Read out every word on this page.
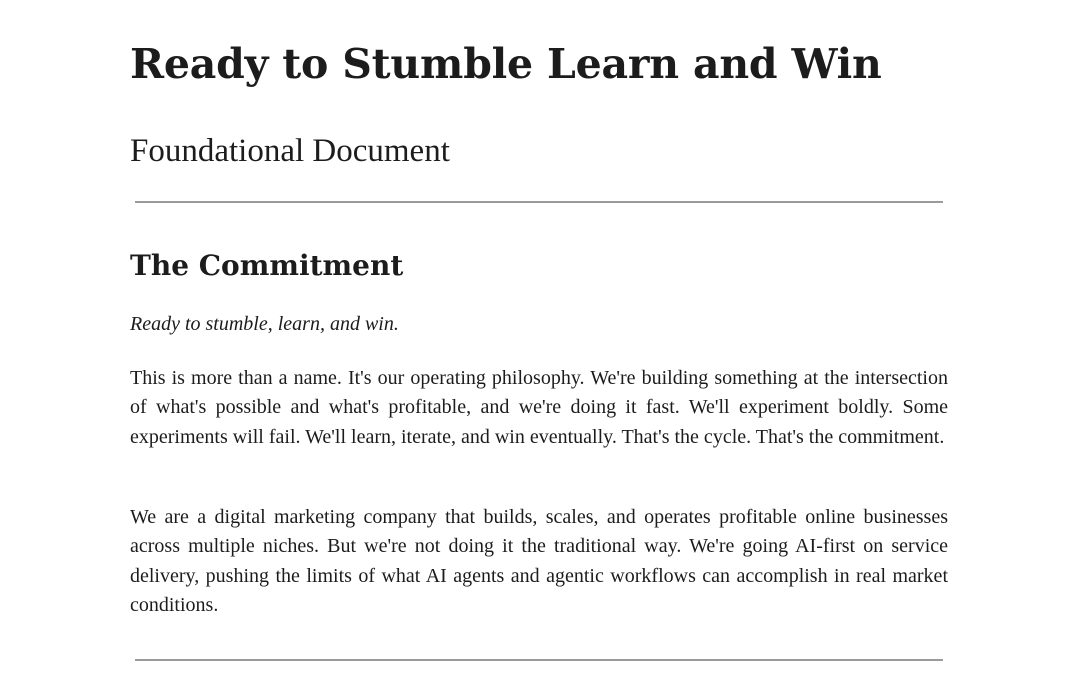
Ready to Stumble Learn and Win
Foundational Document
The Commitment
Ready to stumble, learn, and win.

This is more than a name. It's our operating philosophy. We're building something at the intersection of what's possible and what's profitable, and we're doing it fast. We'll experiment boldly. Some experiments will fail. We'll learn, iterate, and win eventually. That's the cycle. That's the commitment.

We are a digital marketing company that builds, scales, and operates profitable online businesses across multiple niches. But we're not doing it the traditional way. We're going AI-first on service delivery, pushing the limits of what AI agents and agentic workflows can accomplish in real market conditions.
